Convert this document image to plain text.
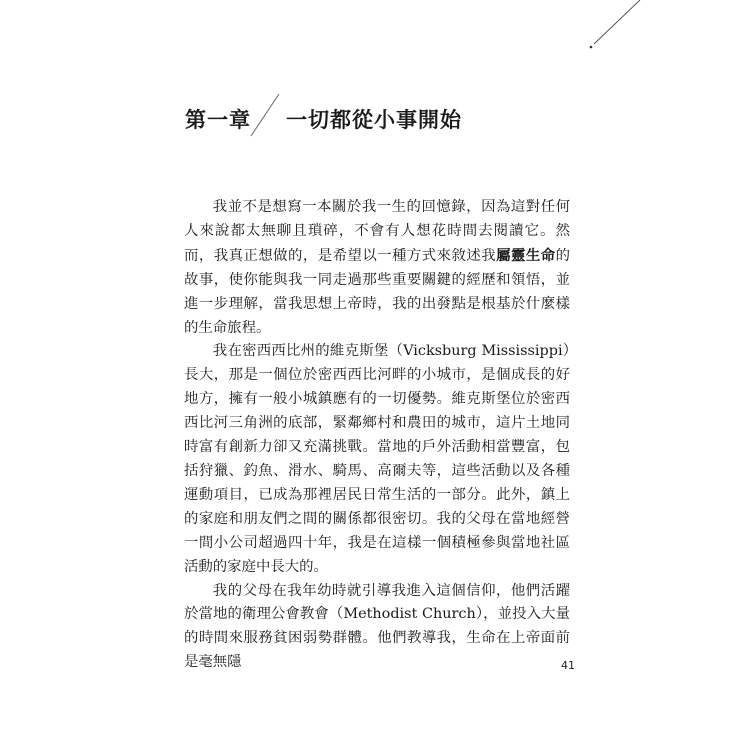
第一章 一切都從小事開始

我並不是想寫一本關於我一生的回憶錄，因為這對任何人來說都太無聊且瑣碎，不會有人想花時間去閱讀它。然而，我真正想做的，是希望以一種方式來敘述我屬靈生命的故事，使你能與我一同走過那些重要關鍵的經歷和領悟，並進一步理解，當我思想上帝時，我的出發點是根基於什麼樣的生命旅程。

我在密西西比州的維克斯堡（Vicksburg Mississippi）長大，那是一個位於密西西比河畔的小城市，是個成長的好地方，擁有一般小城鎮應有的一切優勢。維克斯堡位於密西西比河三角洲的底部，緊鄰鄉村和農田的城市，這片土地同時富有創新力卻又充滿挑戰。當地的戶外活動相當豐富，包括狩獵、釣魚、滑水、騎馬、高爾夫等，這些活動以及各種運動項目，已成為那裡居民日常生活的一部分。此外，鎮上的家庭和朋友們之間的關係都很密切。我的父母在當地經營一間小公司超過四十年，我是在這樣一個積極參與當地社區活動的家庭中長大的。

我的父母在我年幼時就引導我進入這個信仰，他們活躍於當地的衛理公會教會（Methodist Church），並投入大量的時間來服務貧困弱勢群體。他們教導我，生命在上帝面前是毫無隱	41
